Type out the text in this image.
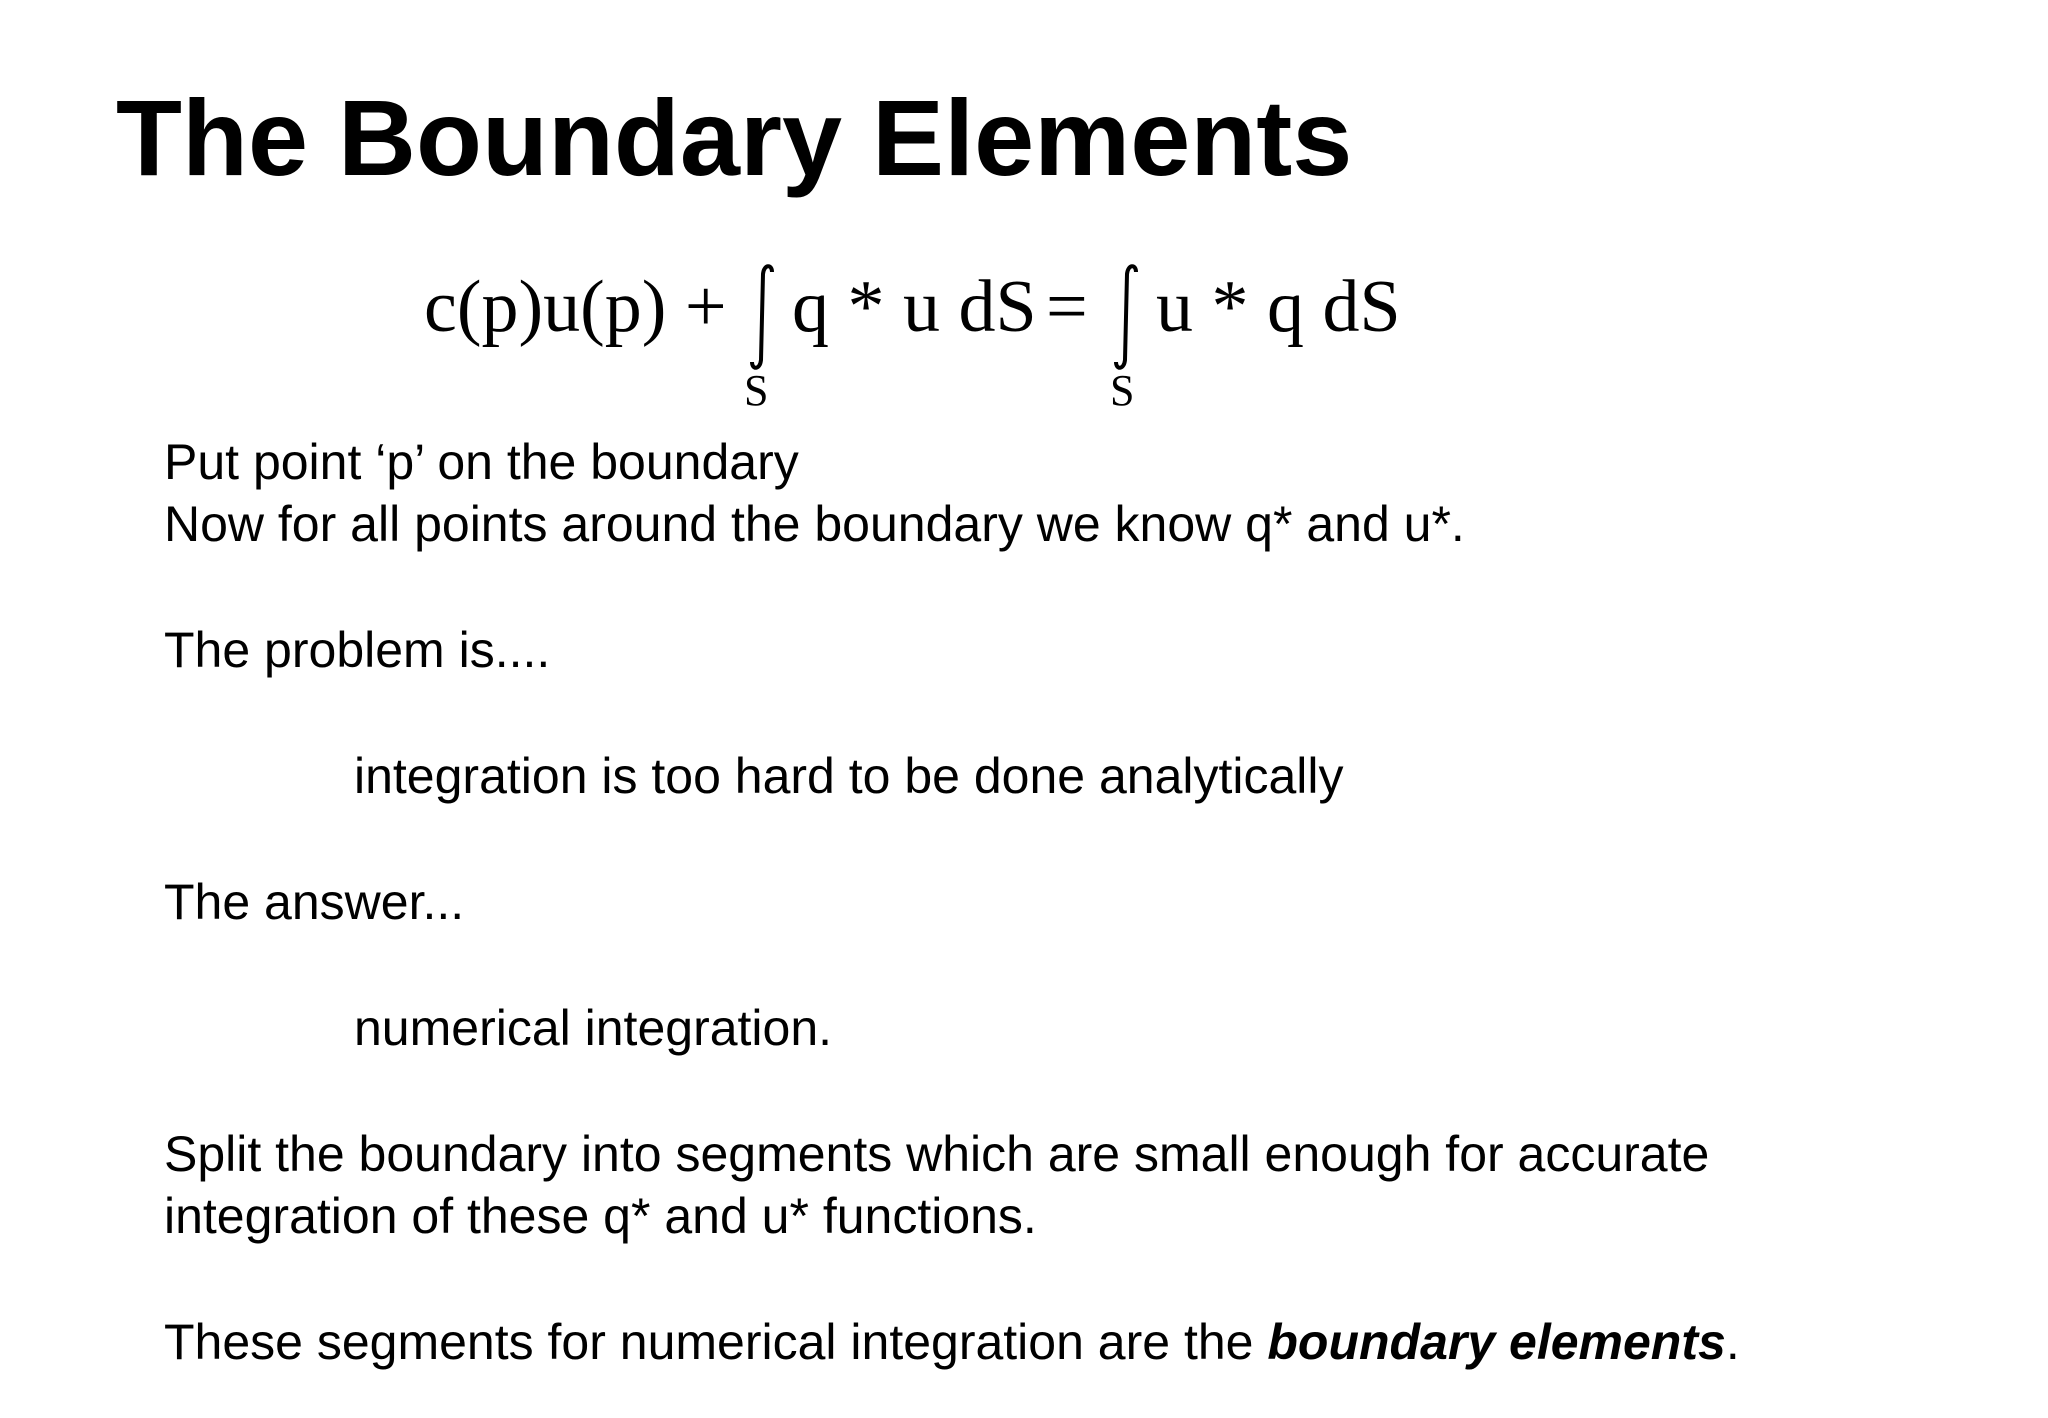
The Boundary Elements
c(p)u(p) +
S
q * u dS =
S
u * q dS
Put point ‘p’ on the boundary
Now for all points around the boundary we know q* and u*.
The problem is....
integration is too hard to be done analytically
The answer...
numerical integration.
Split the boundary into segments which are small enough for accurate
integration of these q* and u* functions.
These segments for numerical integration are the boundary elements.
